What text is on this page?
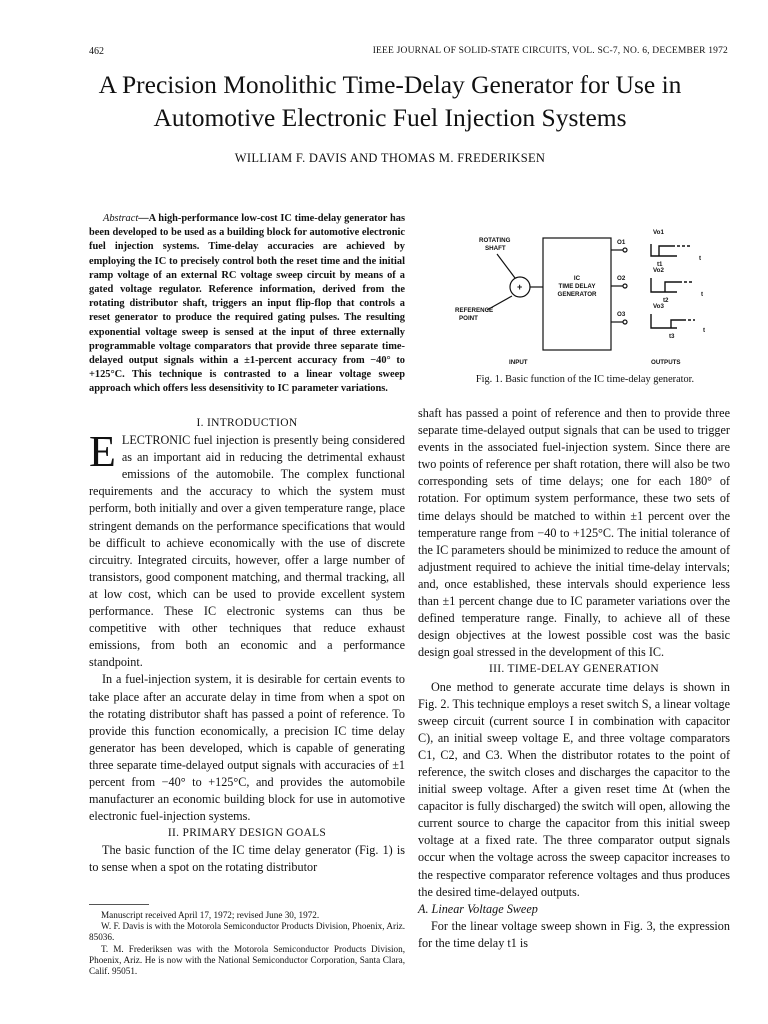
462	IEEE JOURNAL OF SOLID-STATE CIRCUITS, VOL. SC-7, NO. 6, DECEMBER 1972
A Precision Monolithic Time-Delay Generator for Use in Automotive Electronic Fuel Injection Systems
WILLIAM F. DAVIS AND THOMAS M. FREDERIKSEN
Abstract—A high-performance low-cost IC time-delay generator has been developed to be used as a building block for automotive electronic fuel injection systems. Time-delay accuracies are achieved by employing the IC to precisely control both the reset time and the initial ramp voltage of an external RC voltage sweep circuit by means of a gated voltage regulator. Reference information, derived from the rotating distributor shaft, triggers an input flip-flop that controls a reset generator to produce the required gating pulses. The resulting exponential voltage sweep is sensed at the input of three externally programmable voltage comparators that provide three separate time-delayed output signals within a ±1-percent accuracy from −40° to +125°C. This technique is contrasted to a linear voltage sweep approach which offers less desensitivity to IC parameter variations.

I. INTRODUCTION

ELECTRONIC fuel injection is presently being considered as an important aid in reducing the detrimental exhaust emissions of the automobile. The complex functional requirements and the accuracy to which the system must perform, both initially and over a given temperature range, place stringent demands on the performance specifications that would be difficult to achieve economically with the use of discrete circuitry. Integrated circuits, however, offer a large number of transistors, good component matching, and thermal tracking, all at low cost, which can be used to provide excellent system performance. These IC electronic systems can thus be competitive with other techniques that reduce exhaust emissions, from both an economic and a performance standpoint.

In a fuel-injection system, it is desirable for certain events to take place after an accurate delay in time from when a spot on the rotating distributor shaft has passed a point of reference. To provide this function economically, a precision IC time delay generator has been developed, which is capable of generating three separate time-delayed output signals with accuracies of ±1 percent from −40° to +125°C, and provides the automobile manufacturer an economic building block for use in automotive electronic fuel-injection systems.

II. PRIMARY DESIGN GOALS

The basic function of the IC time delay generator (Fig. 1) is to sense when a spot on the rotating distributor

shaft has passed a point of reference and then to provide three separate time-delayed output signals that can be used to trigger events in the associated fuel-injection system. Since there are two points of reference per shaft rotation, there will also be two corresponding sets of time delays; one for each 180° of rotation. For optimum system performance, these two sets of time delays should be matched to within ±1 percent over the temperature range from −40 to +125°C. The initial tolerance of the IC parameters should be minimized to reduce the amount of adjustment required to achieve the initial time-delay intervals; and, once established, these intervals should experience less than ±1 percent change due to IC parameter variations over the defined temperature range. Finally, to achieve all of these design objectives at the lowest possible cost was the basic design goal stressed in the development of this IC.

III. TIME-DELAY GENERATION

One method to generate accurate time delays is shown in Fig. 2. This technique employs a reset switch S, a linear voltage sweep circuit (current source I in combination with capacitor C), an initial sweep voltage E, and three voltage comparators C1, C2, and C3. When the distributor rotates to the point of reference, the switch closes and discharges the capacitor to the initial sweep voltage. After a given reset time Δt (when the capacitor is fully discharged) the switch will open, allowing the current source to charge the capacitor from this initial sweep voltage at a fixed rate. The three comparator output signals occur when the voltage across the sweep capacitor increases to the respective comparator reference voltages and thus produces the desired time-delayed outputs.

A. Linear Voltage Sweep

For the linear voltage sweep shown in Fig. 3, the expression for the time delay t1 is

Manuscript received April 17, 1972; revised June 30, 1972.

W. F. Davis is with the Motorola Semiconductor Products Division, Phoenix, Ariz. 85036.

T. M. Frederiksen was with the Motorola Semiconductor Products Division, Phoenix, Ariz. He is now with the National Semiconductor Corporation, Santa Clara, Calif. 95051.

ROTATING
SHAFT
REFERENCE
POINT
IC
TIME DELAY
GENERATOR
INPUT	OUTPUTS
O1
O2
O3
Vo1
Vo2
Vo3
t1
t2
t3
t
t
t
+
Fig. 1. Basic function of the IC time-delay generator.
